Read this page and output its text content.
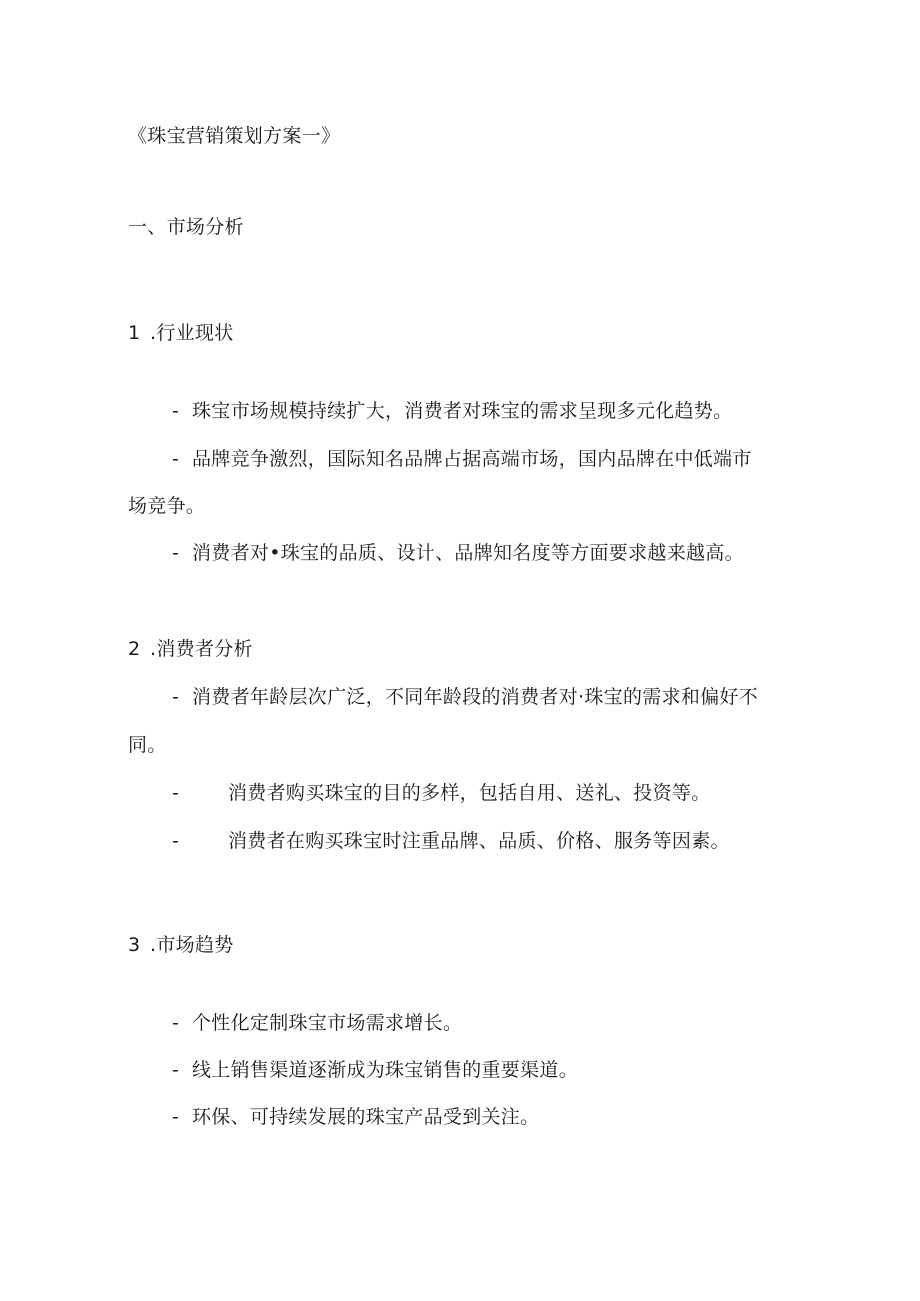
《珠宝营销策划方案一》
一、市场分析
1 .行业现状
- 珠宝市场规模持续扩大，消费者对珠宝的需求呈现多元化趋势。
- 品牌竞争激烈，国际知名品牌占据高端市场，国内品牌在中低端市
场竞争。
- 消费者对•珠宝的品质、设计、品牌知名度等方面要求越来越高。
2 .消费者分析
- 消费者年龄层次广泛，不同年龄段的消费者对·珠宝的需求和偏好不
同。
-	消费者购买珠宝的目的多样，包括自用、送礼、投资等。
-	消费者在购买珠宝时注重品牌、品质、价格、服务等因素。
3 .市场趋势
- 个性化定制珠宝市场需求增长。
- 线上销售渠道逐渐成为珠宝销售的重要渠道。
- 环保、可持续发展的珠宝产品受到关注。
